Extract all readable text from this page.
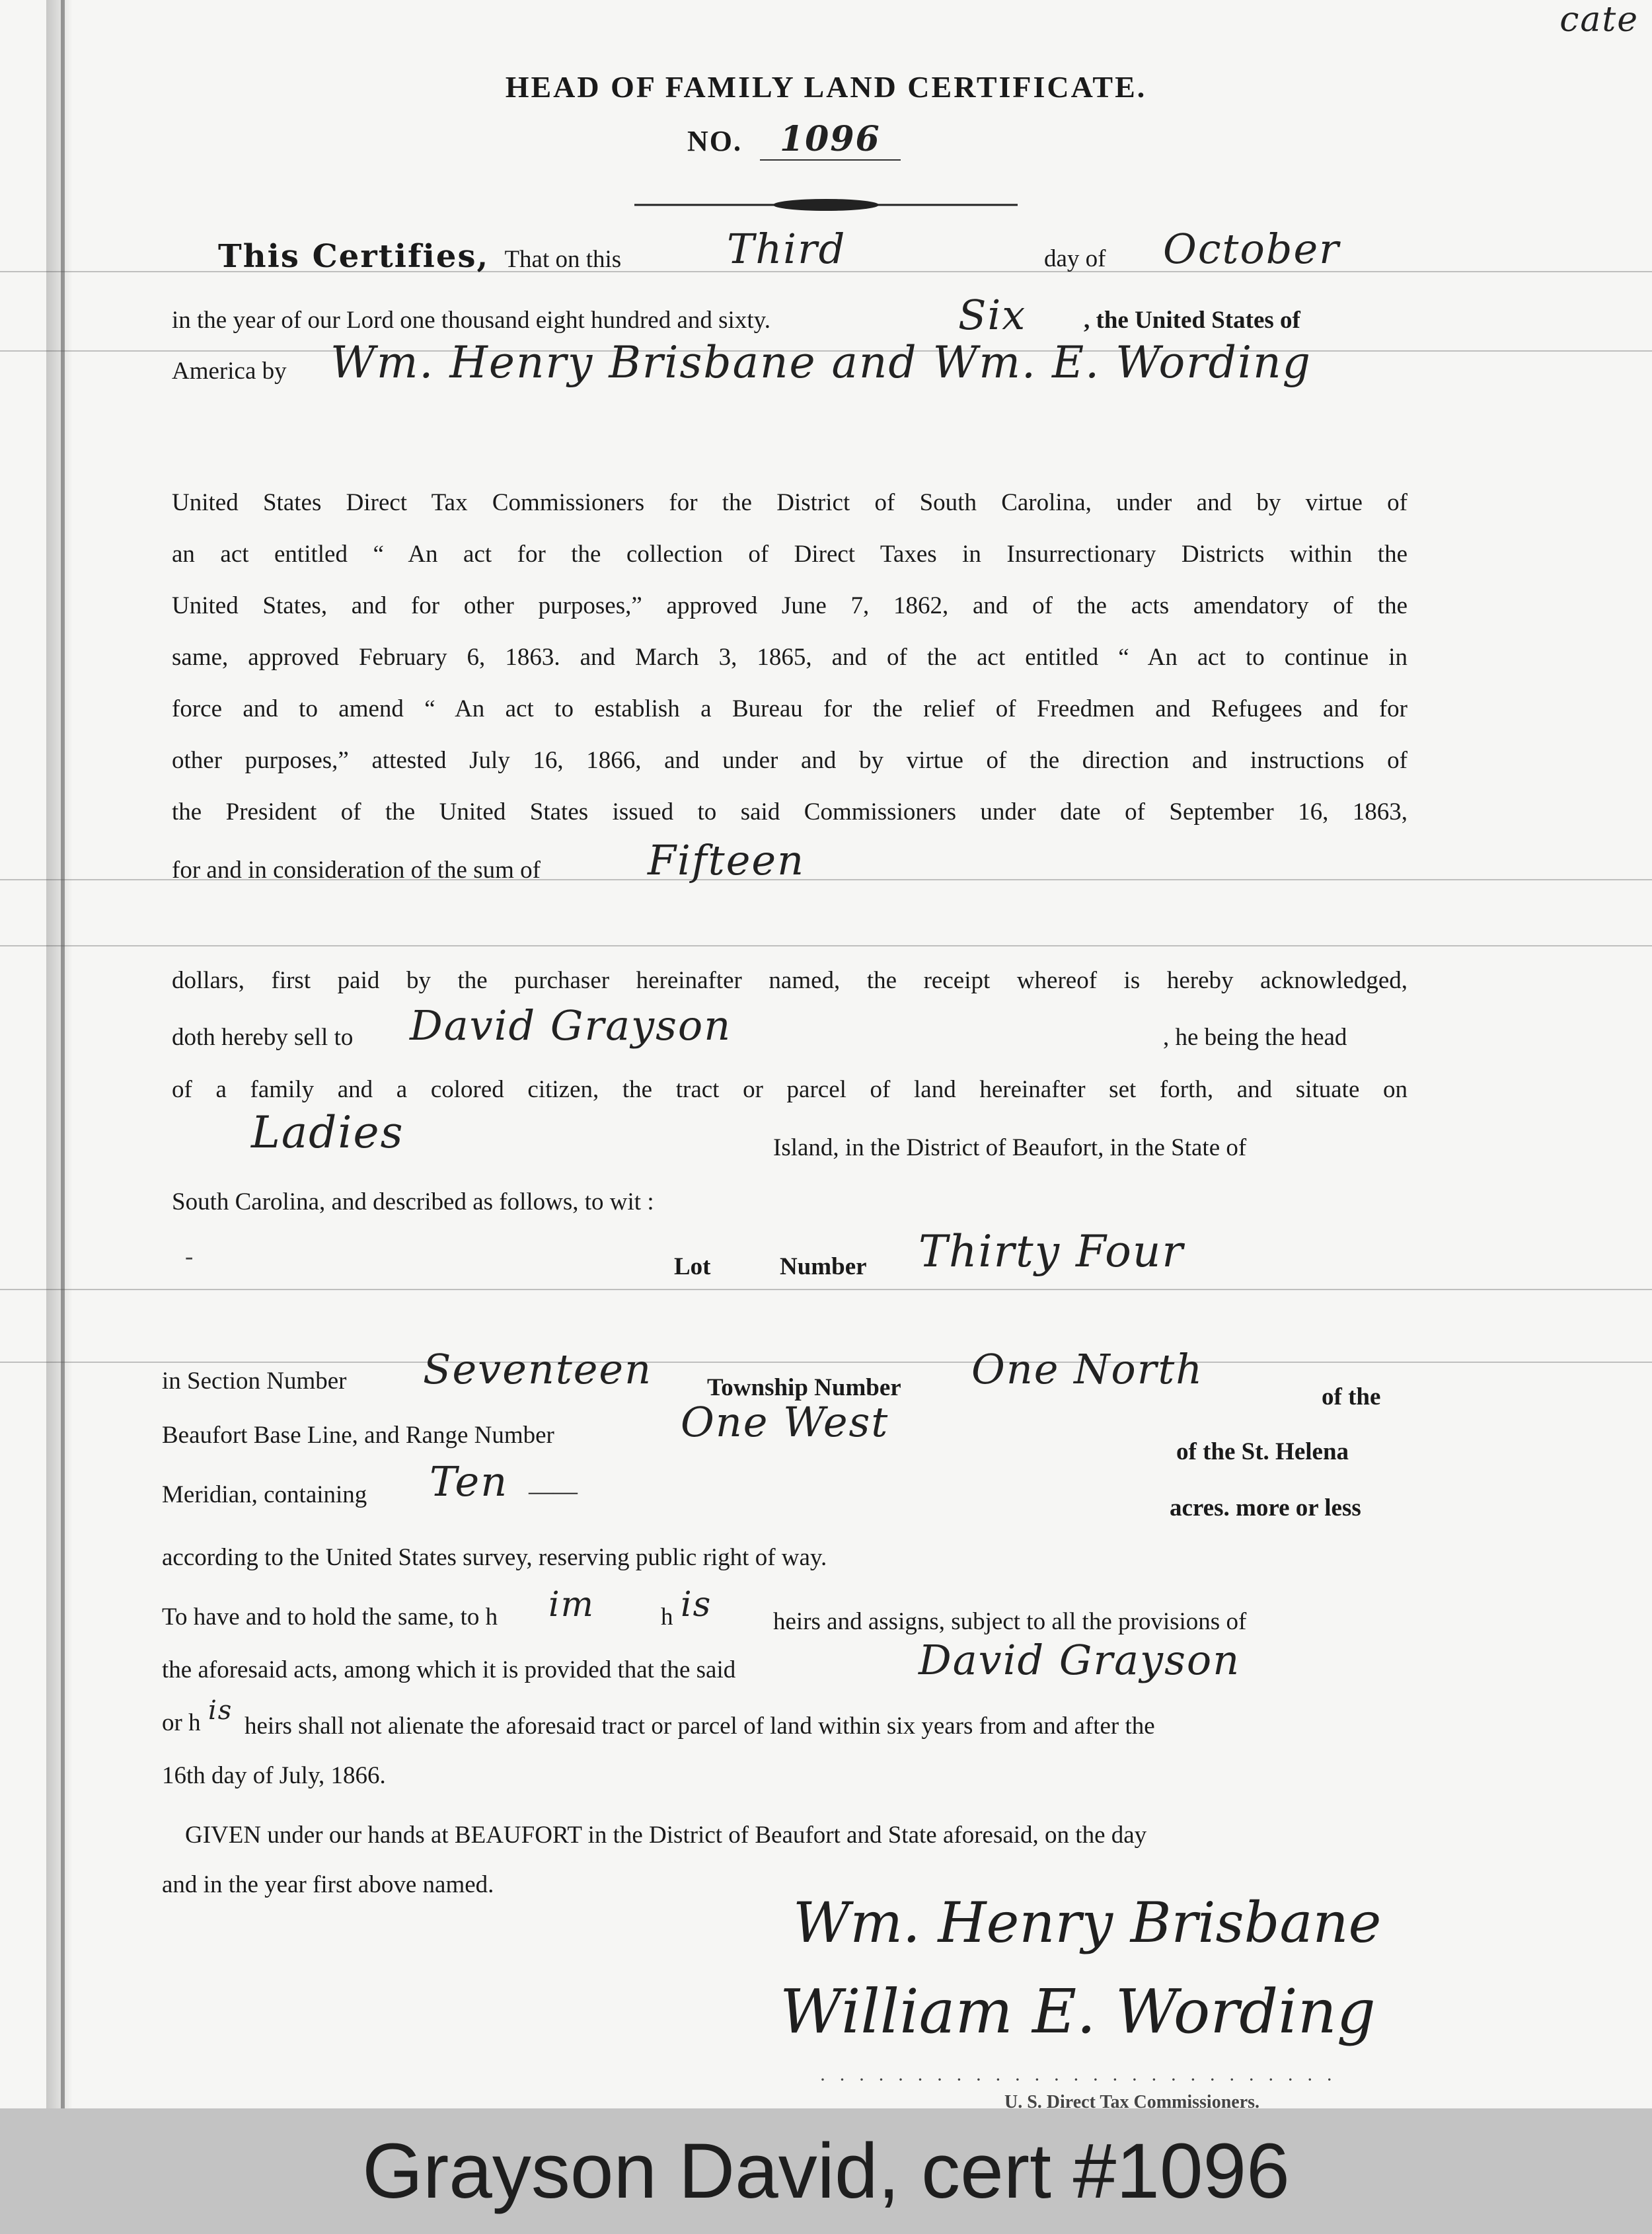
cate
HEAD OF FAMILY LAND CERTIFICATE.
NO. 1096
This Certifies, That on this	Third	day of October
in the year of our Lord one thousand eight hundred and sixty.	Six , the United States of
America by Wm. Henry Brisbane and Wm. E. Wording
United States Direct Tax Commissioners for the District of South Carolina, under and by virtue of
an act entitled “ An act for the collection of Direct Taxes in Insurrectionary Districts within the
United States, and for other purposes,” approved June 7, 1862, and of the acts amendatory of the
same, approved February 6, 1863. and March 3, 1865, and of the act entitled “ An act to continue in
force and to amend “ An act to establish a Bureau for the relief of Freedmen and Refugees and for
other purposes,” attested July 16, 1866, and under and by virtue of the direction and instructions of
the President of the United States issued to said Commissioners under date of September 16, 1863,
for and in consideration of the sum of	Fifteen
dollars, first paid by the purchaser hereinafter named, the receipt whereof is hereby acknowledged,
doth hereby sell to David Grayson	, he being the head
of a family and a colored citizen, the tract or parcel of land hereinafter set forth, and situate on
Ladies	Island, in the District of Beaufort, in the State of
South Carolina, and described as follows, to wit :
-	Lot	Number Thirty Four
in Section Number Seventeen Township Number One North
of the
Beaufort Base Line, and Range Number	One West
of the St. Helena
Meridian, containing Ten ——
acres. more or less
according to the United States survey, reserving public right of way.
To have and to hold the same, to h im	h is	heirs and assigns, subject to all the provisions of
the aforesaid acts, among which it is provided that the said	David Grayson
or h is
heirs shall not alienate the aforesaid tract or parcel of land within six years from and after the
16th day of July, 1866.
GIVEN under our hands at BEAUFORT in the District of Beaufort and State aforesaid, on the day
and in the year first above named.
Wm. Henry Brisbane
William E. Wording
· · · · · · · · · · · · · · · · · · · · · · · · · · ·
U. S. Direct Tax Commissioners.
Grayson David, cert #1096
